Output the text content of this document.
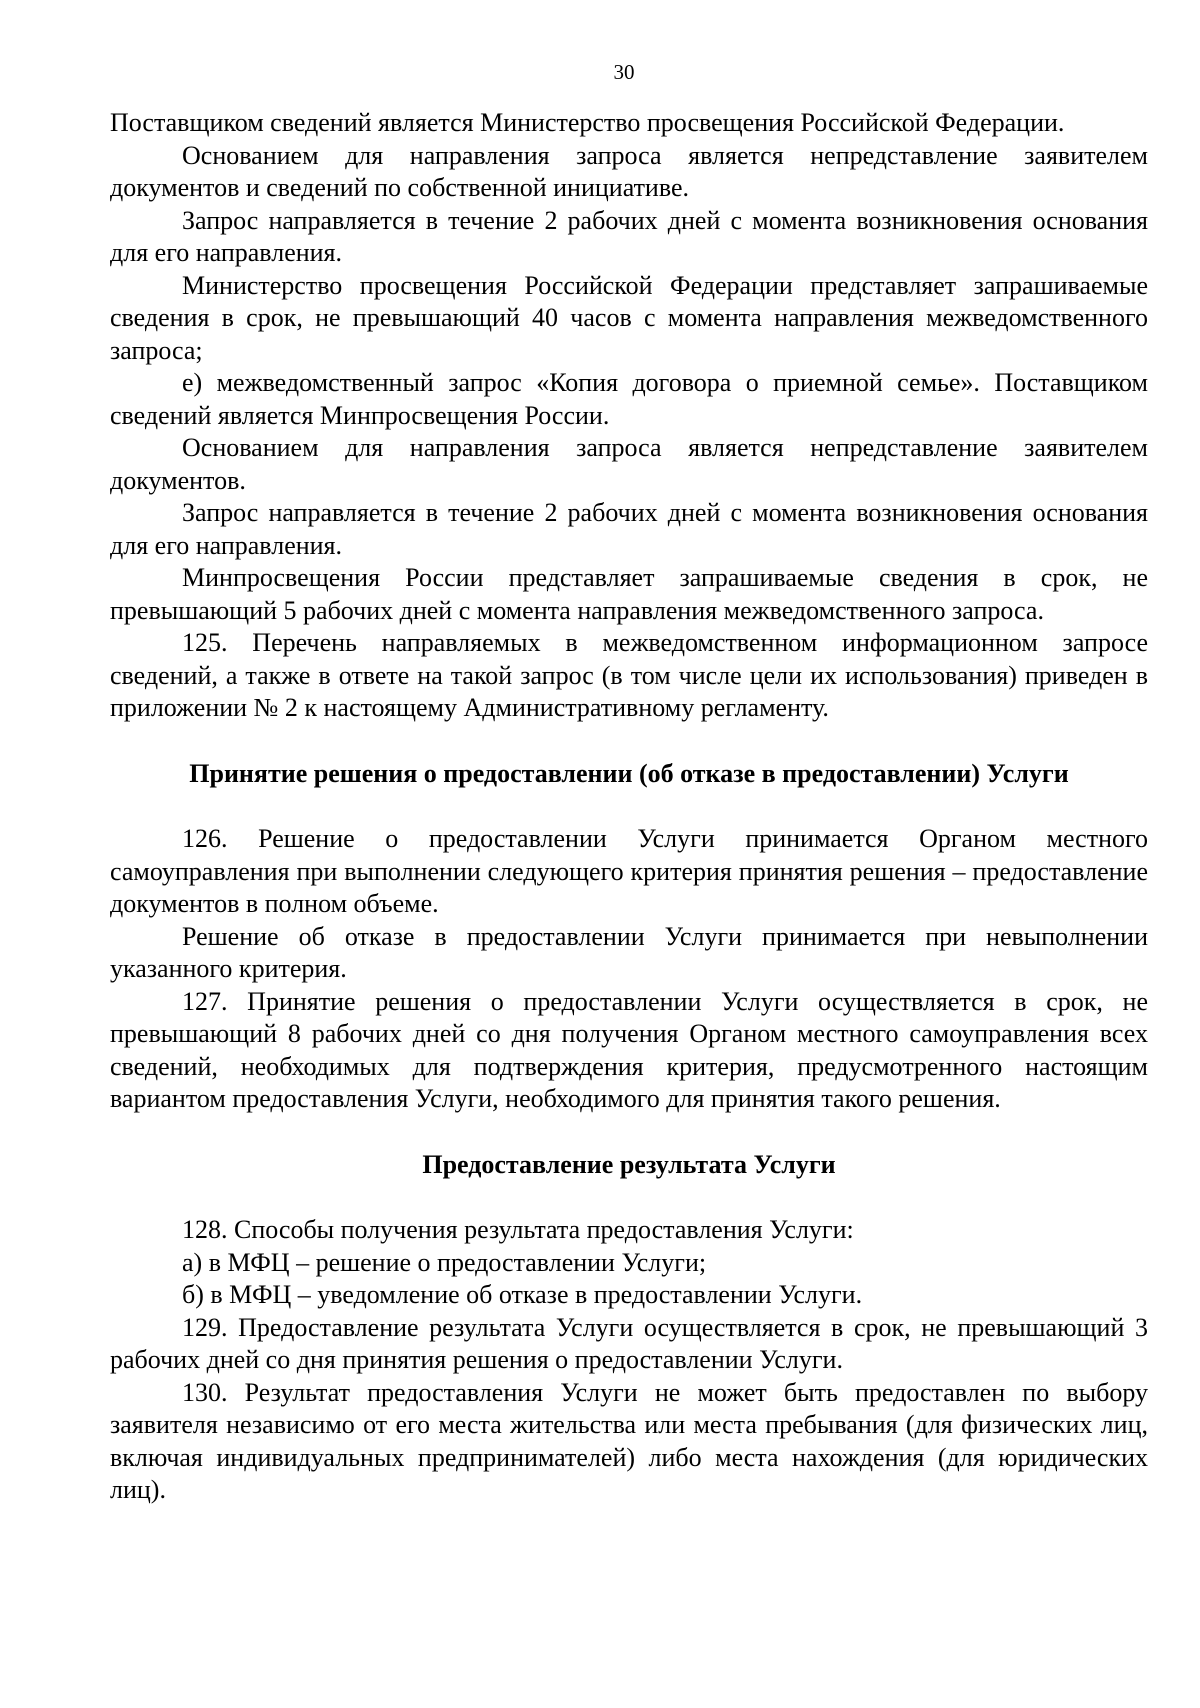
30

Поставщиком сведений является Министерство просвещения Российской Федерации.

Основанием для направления запроса является непредставление заявителем документов и сведений по собственной инициативе.

Запрос направляется в течение 2 рабочих дней с момента возникновения основания для его направления.

Министерство просвещения Российской Федерации представляет запрашиваемые сведения в срок, не превышающий 40 часов с момента направления межведомственного запроса;

е) межведомственный запрос «Копия договора о приемной семье». Поставщиком сведений является Минпросвещения России.

Основанием для направления запроса является непредставление заявителем документов.

Запрос направляется в течение 2 рабочих дней с момента возникновения основания для его направления.

Минпросвещения России представляет запрашиваемые сведения в срок, не превышающий 5 рабочих дней с момента направления межведомственного запроса.

125. Перечень направляемых в межведомственном информационном запросе сведений, а также в ответе на такой запрос (в том числе цели их использования) приведен в приложении № 2 к настоящему Административному регламенту.

Принятие решения о предоставлении (об отказе в предоставлении) Услуги

126. Решение о предоставлении Услуги принимается Органом местного самоуправления при выполнении следующего критерия принятия решения – предоставление документов в полном объеме.

Решение об отказе в предоставлении Услуги принимается при невыполнении указанного критерия.

127. Принятие решения о предоставлении Услуги осуществляется в срок, не превышающий 8 рабочих дней со дня получения Органом местного самоуправления всех сведений, необходимых для подтверждения критерия, предусмотренного настоящим вариантом предоставления Услуги, необходимого для принятия такого решения.

Предоставление результата Услуги

128. Способы получения результата предоставления Услуги:

а) в МФЦ – решение о предоставлении Услуги;

б) в МФЦ – уведомление об отказе в предоставлении Услуги.

129. Предоставление результата Услуги осуществляется в срок, не превышающий 3 рабочих дней со дня принятия решения о предоставлении Услуги.

130. Результат предоставления Услуги не может быть предоставлен по выбору заявителя независимо от его места жительства или места пребывания (для физических лиц, включая индивидуальных предпринимателей) либо места нахождения (для юридических лиц).
